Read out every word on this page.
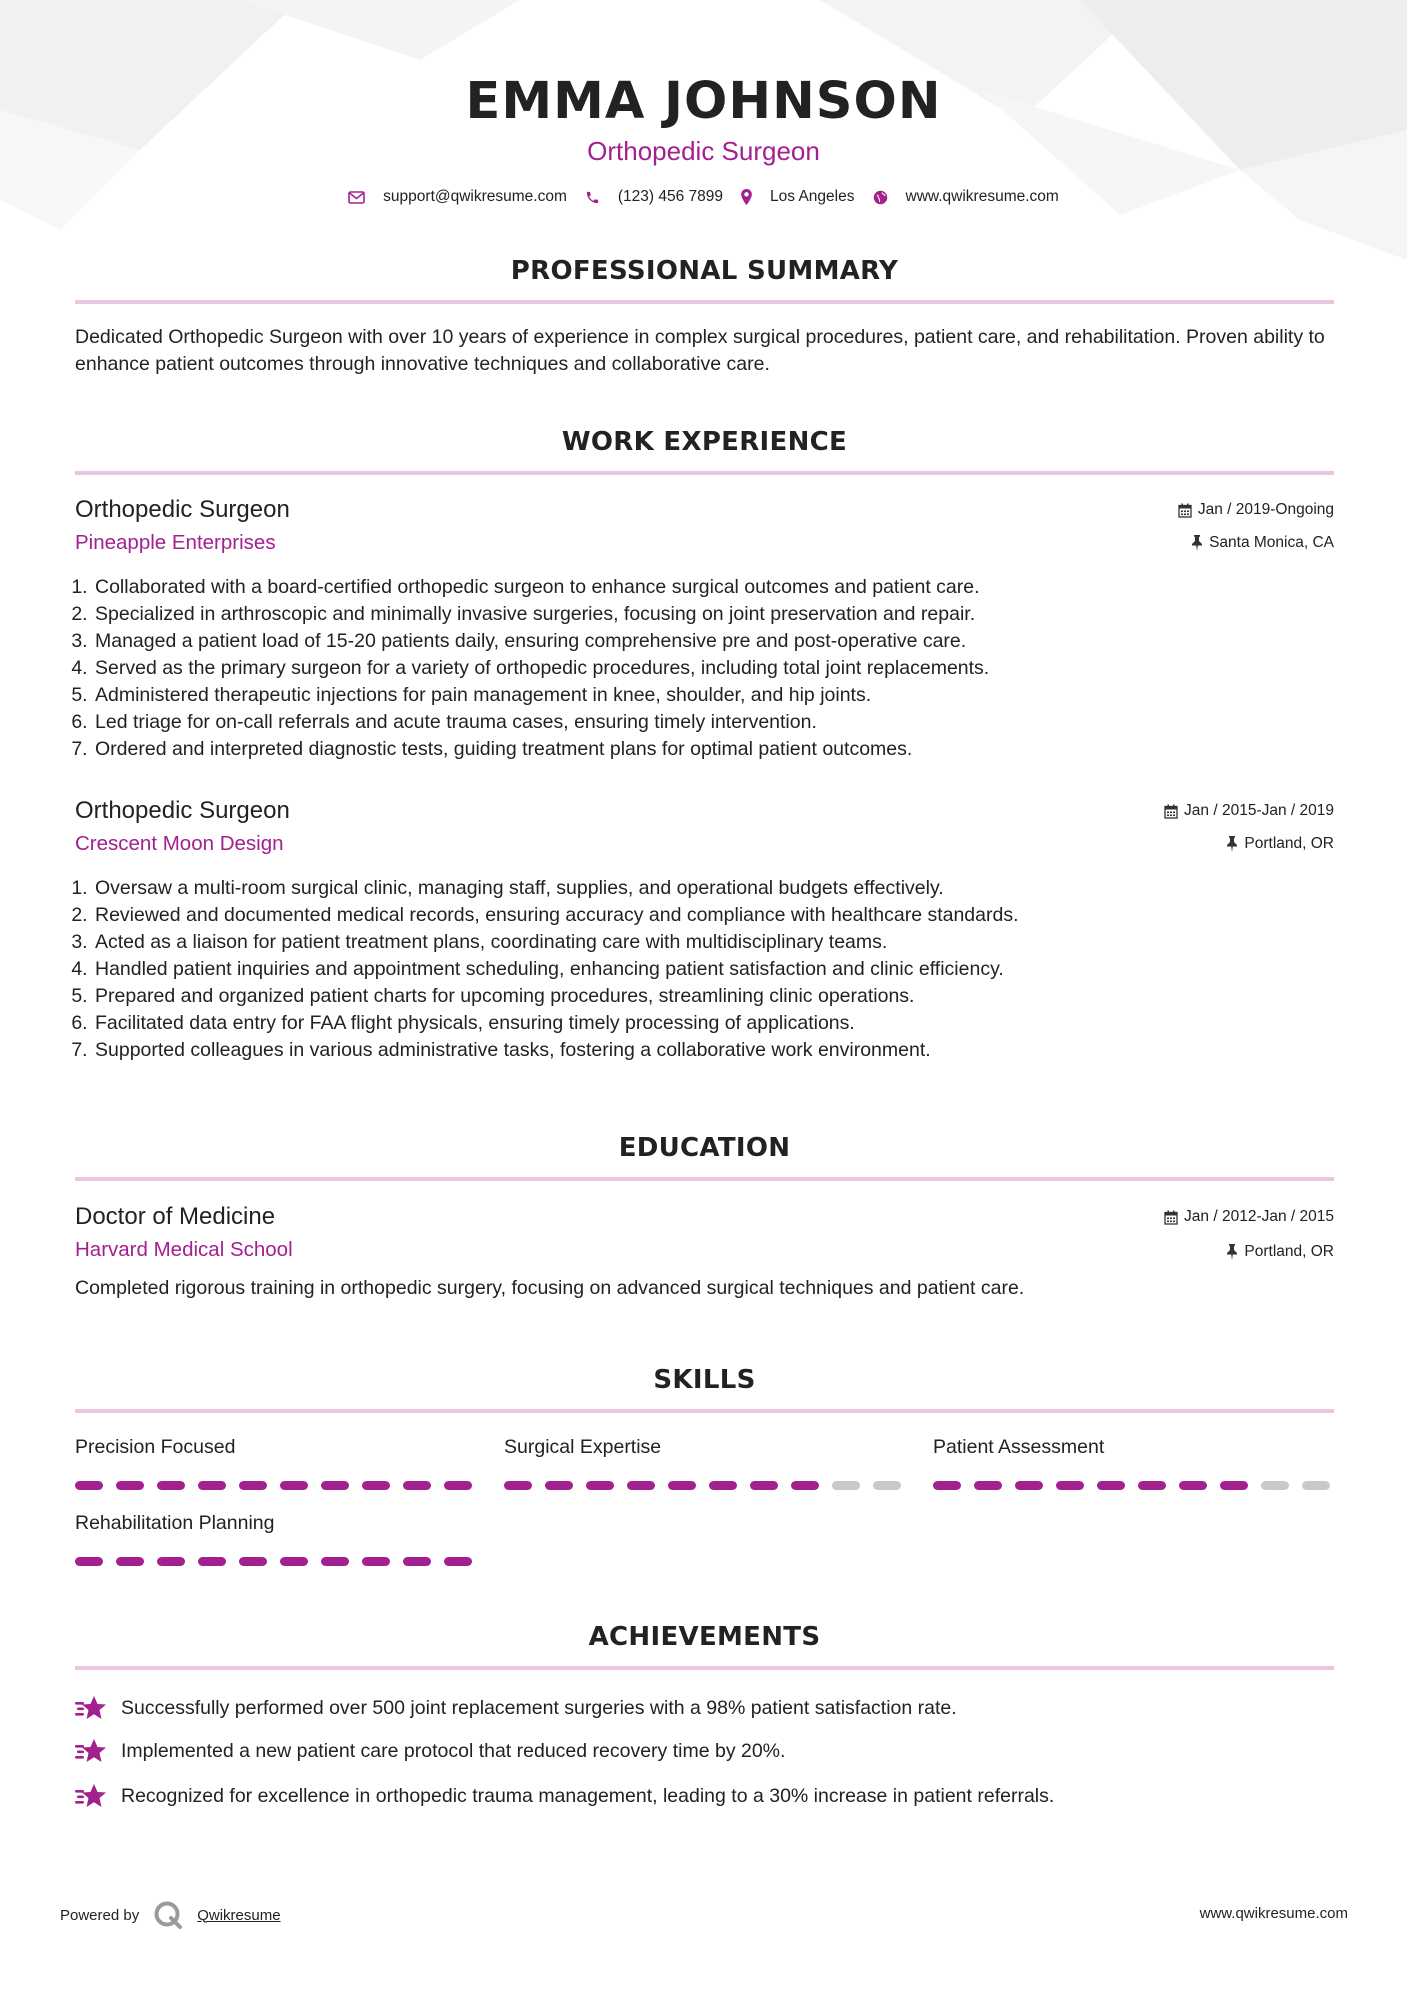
EMMA JOHNSON

Orthopedic Surgeon

support@qwikresume.com	(123) 456 7899	Los Angeles	www.qwikresume.com
PROFESSIONAL SUMMARY

Dedicated Orthopedic Surgeon with over 10 years of experience in complex surgical procedures, patient care, and rehabilitation. Proven ability to enhance patient outcomes through innovative techniques and collaborative care.

WORK EXPERIENCE

Orthopedic Surgeon

Pineapple Enterprises

Jan / 2019-Ongoing
Santa Monica, CA
1. Collaborated with a board-certified orthopedic surgeon to enhance surgical outcomes and patient care.
2. Specialized in arthroscopic and minimally invasive surgeries, focusing on joint preservation and repair.
3. Managed a patient load of 15-20 patients daily, ensuring comprehensive pre and post-operative care.
4. Served as the primary surgeon for a variety of orthopedic procedures, including total joint replacements.
5. Administered therapeutic injections for pain management in knee, shoulder, and hip joints.
6. Led triage for on-call referrals and acute trauma cases, ensuring timely intervention.
7. Ordered and interpreted diagnostic tests, guiding treatment plans for optimal patient outcomes.

Orthopedic Surgeon

Crescent Moon Design

Jan / 2015-Jan / 2019
Portland, OR
1. Oversaw a multi-room surgical clinic, managing staff, supplies, and operational budgets effectively.
2. Reviewed and documented medical records, ensuring accuracy and compliance with healthcare standards.
3. Acted as a liaison for patient treatment plans, coordinating care with multidisciplinary teams.
4. Handled patient inquiries and appointment scheduling, enhancing patient satisfaction and clinic efficiency.
5. Prepared and organized patient charts for upcoming procedures, streamlining clinic operations.
6. Facilitated data entry for FAA flight physicals, ensuring timely processing of applications.
7. Supported colleagues in various administrative tasks, fostering a collaborative work environment.
EDUCATION

Doctor of Medicine

Harvard Medical School

Jan / 2012-Jan / 2015
Portland, OR

Completed rigorous training in orthopedic surgery, focusing on advanced surgical techniques and patient care.

SKILLS

Precision Focused	Surgical Expertise	Patient Assessment

Rehabilitation Planning

ACHIEVEMENTS
Successfully performed over 500 joint replacement surgeries with a 98% patient satisfaction rate.
Implemented a new patient care protocol that reduced recovery time by 20%.
Recognized for excellence in orthopedic trauma management, leading to a 30% increase in patient referrals.
Powered by	Qwikresume	www.qwikresume.com
